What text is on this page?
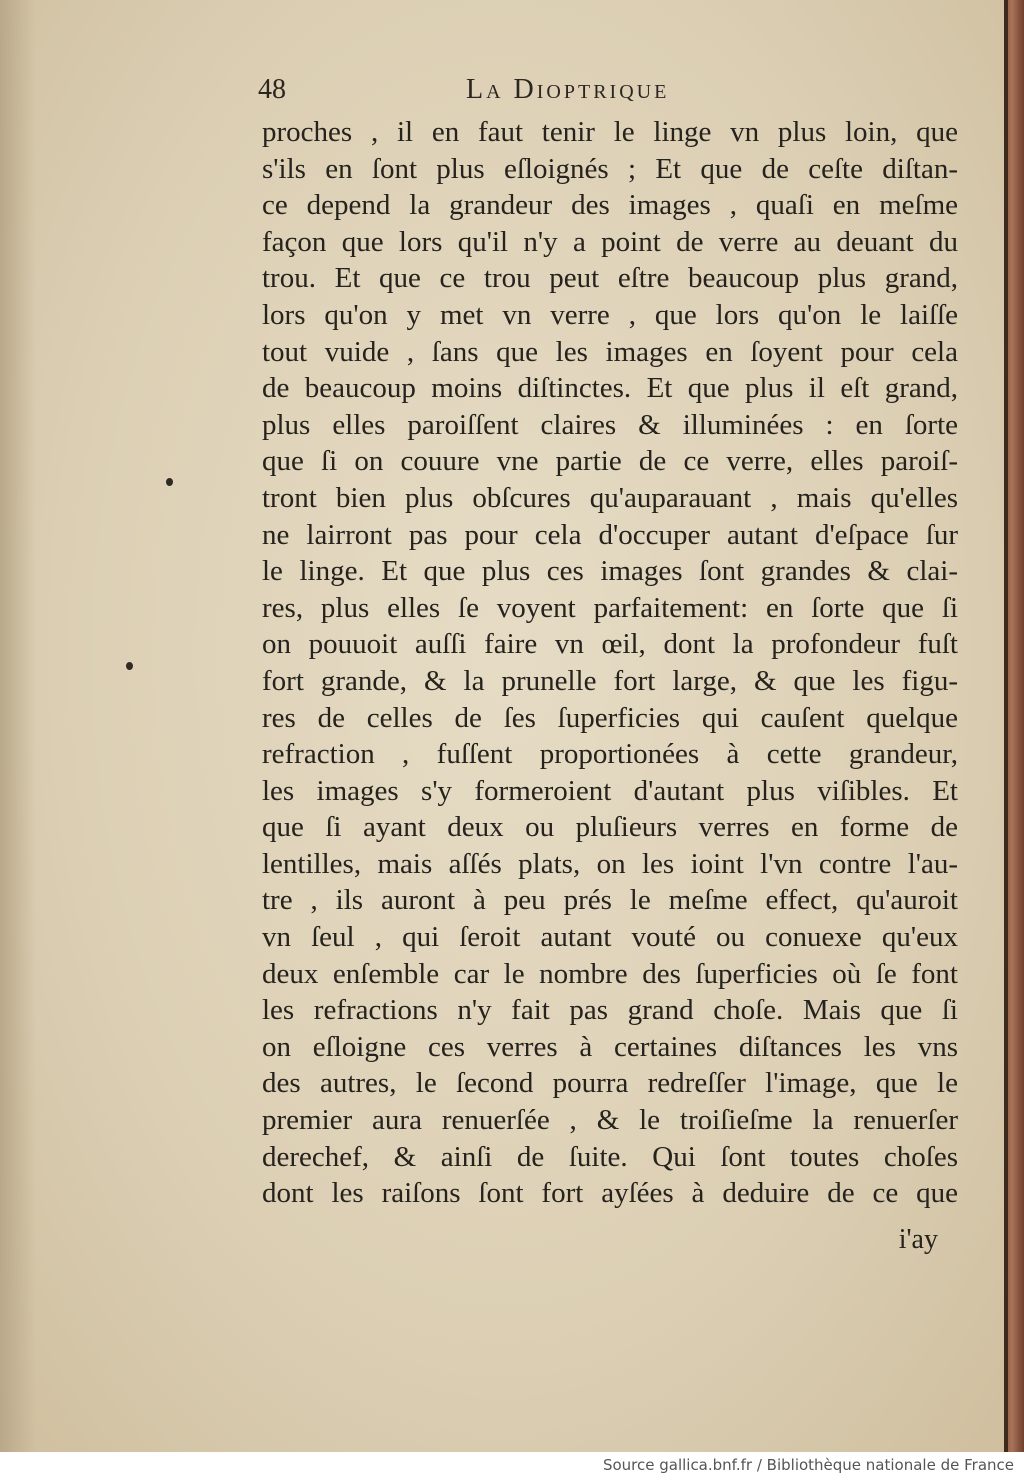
48	La Dioptrique
proches , il en faut tenir le linge vn plus loin, que
s'ils en ſont plus eſloignés ; Et que de ceſte diſtan-
ce depend la grandeur des images , quaſi en meſme
façon que lors qu'il n'y a point de verre au deuant du
trou. Et que ce trou peut eſtre beaucoup plus grand,
lors qu'on y met vn verre , que lors qu'on le laiſſe
tout vuide , ſans que les images en ſoyent pour cela
de beaucoup moins diſtinctes. Et que plus il eſt grand,
plus elles paroiſſent claires & illuminées : en ſorte
que ſi on couure vne partie de ce verre, elles paroiſ-
tront bien plus obſcures qu'auparauant , mais qu'elles
ne lairront pas pour cela d'occuper autant d'eſpace ſur
le linge. Et que plus ces images ſont grandes & clai-
res, plus elles ſe voyent parfaitement: en ſorte que ſi
on pouuoit auſſi faire vn œil, dont la profondeur fuſt
fort grande, & la prunelle fort large, & que les figu-
res de celles de ſes ſuperficies qui cauſent quelque
refraction , fuſſent proportionées à cette grandeur,
les images s'y formeroient d'autant plus viſibles. Et
que ſi ayant deux ou pluſieurs verres en forme de
lentilles, mais aſſés plats, on les ioint l'vn contre l'au-
tre , ils auront à peu prés le meſme effect, qu'auroit
vn ſeul , qui ſeroit autant vouté ou conuexe qu'eux
deux enſemble car le nombre des ſuperficies où ſe font
les refractions n'y fait pas grand choſe. Mais que ſi
on eſloigne ces verres à certaines diſtances les vns
des autres, le ſecond pourra redreſſer l'image, que le
premier aura renuerſée , & le troiſieſme la renuerſer
derechef, & ainſi de ſuite. Qui ſont toutes choſes
dont les raiſons ſont fort ayſées à deduire de ce que
i'ay
Source gallica.bnf.fr / Bibliothèque nationale de France
